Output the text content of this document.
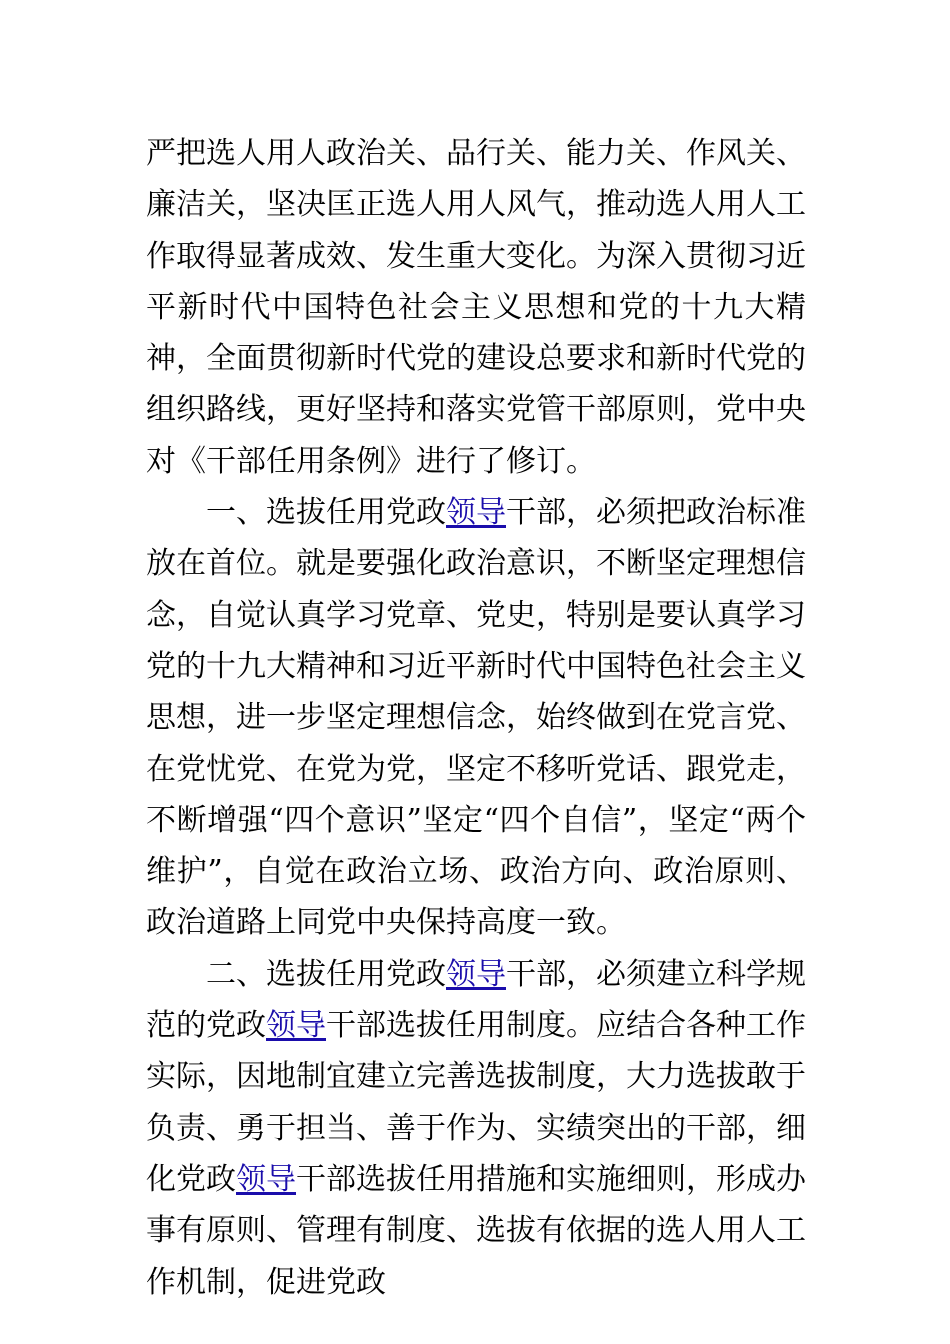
严把选人用人政治关、品行关、能力关、作风关、廉洁关，坚决匡正选人用人风气，推动选人用人工作取得显著成效、发生重大变化。为深入贯彻习近平新时代中国特色社会主义思想和党的十九大精神，全面贯彻新时代党的建设总要求和新时代党的组织路线，更好坚持和落实党管干部原则，党中央对《干部任用条例》进行了修订。

一、选拔任用党政领导干部，必须把政治标准放在首位。就是要强化政治意识，不断坚定理想信念，自觉认真学习党章、党史，特别是要认真学习党的十九大精神和习近平新时代中国特色社会主义思想，进一步坚定理想信念，始终做到在党言党、在党忧党、在党为党，坚定不移听党话、跟党走，不断增强“四个意识”坚定“四个自信”，坚定“两个维护”，自觉在政治立场、政治方向、政治原则、政治道路上同党中央保持高度一致。

二、选拔任用党政领导干部，必须建立科学规范的党政领导干部选拔任用制度。应结合各种工作实际，因地制宜建立完善选拔制度，大力选拔敢于负责、勇于担当、善于作为、实绩突出的干部，细化党政领导干部选拔任用措施和实施细则，形成办事有原则、管理有制度、选拔有依据的选人用人工作机制，促进党政
